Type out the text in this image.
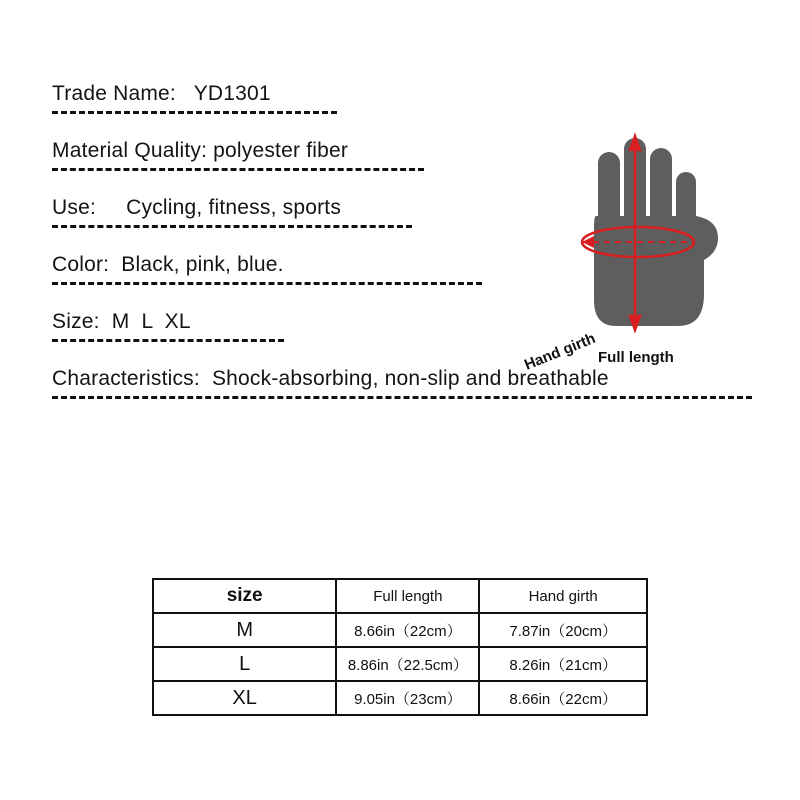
Trade Name:   YD1301
Material Quality: polyester fiber
Use:     Cycling, fitness, sports
Color:  Black, pink, blue.
Size:  M  L  XL
Characteristics:  Shock-absorbing, non-slip and breathable
Hand girth Full length
size	Full length	Hand girth
M	8.66in（22cm）	7.87in（20cm）
L	8.86in（22.5cm）	8.26in（21cm）
XL	9.05in（23cm）	8.66in（22cm）
